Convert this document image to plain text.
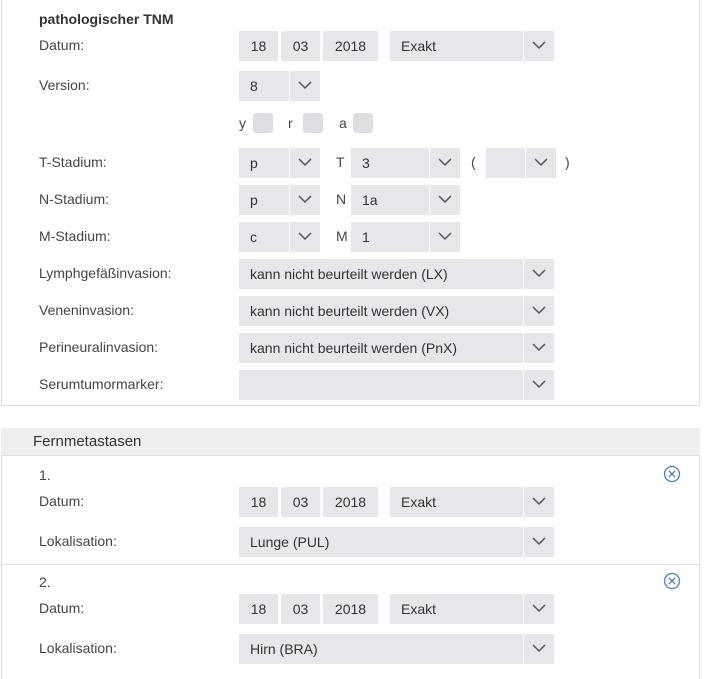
pathologischer TNM
Datum:	18	03	2018	Exakt
Version:	8
y	r	a
T-Stadium:	p	T	3	(	)
N-Stadium:	p	N	1a
M-Stadium:	c	M	1
Lymphgefäßinvasion:	kann nicht beurteilt werden (LX)
Veneninvasion:	kann nicht beurteilt werden (VX)
Perineuralinvasion:	kann nicht beurteilt werden (PnX)
Serumtumormarker:
Fernmetastasen
1.
Datum:	18	03	2018	Exakt
Lokalisation:	Lunge (PUL)
2.
Datum:	18	03	2018	Exakt
Lokalisation:	Hirn (BRA)
